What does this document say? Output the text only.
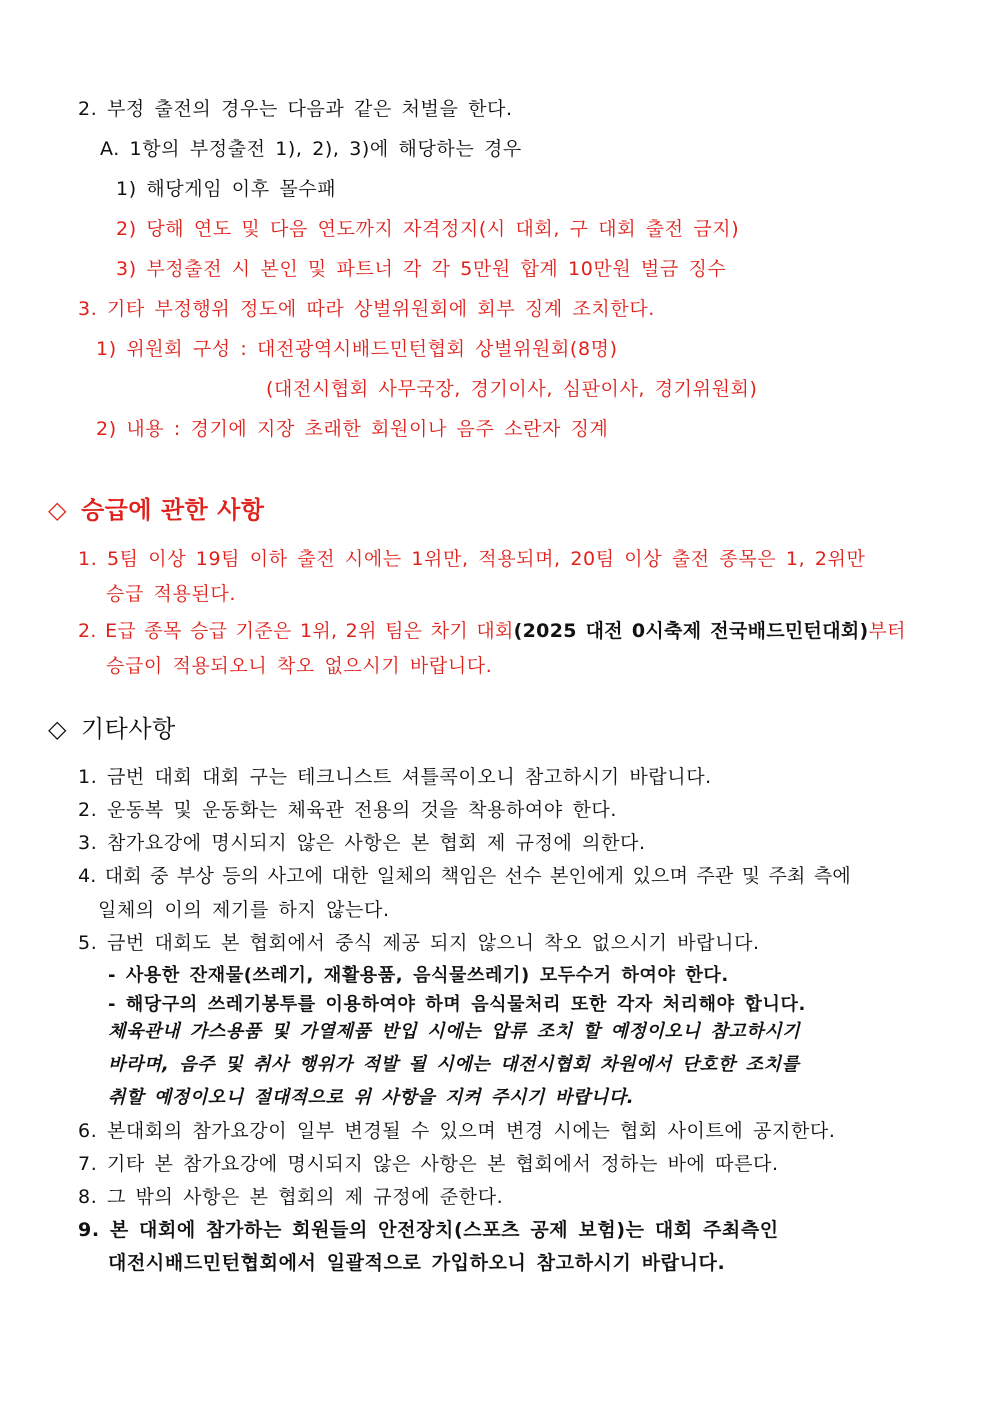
2. 부정 출전의 경우는 다음과 같은 처벌을 한다.
A. 1항의 부정출전 1), 2), 3)에 해당하는 경우
1) 해당게임 이후 몰수패
2) 당해 연도 및 다음 연도까지 자격정지(시 대회, 구 대회 출전 금지)
3) 부정출전 시 본인 및 파트너 각 각 5만원 합계 10만원 벌금 징수
3. 기타 부정행위 정도에 따라 상벌위원회에 회부 징계 조치한다.
1) 위원회 구성 : 대전광역시배드민턴협회 상벌위원회(8명)
(대전시협회 사무국장, 경기이사, 심판이사, 경기위원회)
2) 내용 : 경기에 지장 초래한 회원이나 음주 소란자 징계
◇ 승급에 관한 사항
1. 5팀 이상 19팀 이하 출전 시에는 1위만, 적용되며, 20팀 이상 출전 종목은 1, 2위만
승급 적용된다.
2. E급 종목 승급 기준은 1위, 2위 팀은 차기 대회(2025 대전 0시축제 전국배드민턴대회)부터
승급이 적용되오니 착오 없으시기 바랍니다.
◇ 기타사항
1. 금번 대회 대회 구는 테크니스트 셔틀콕이오니 참고하시기 바랍니다.
2. 운동복 및 운동화는 체육관 전용의 것을 착용하여야 한다.
3. 참가요강에 명시되지 않은 사항은 본 협회 제 규정에 의한다.
4. 대회 중 부상 등의 사고에 대한 일체의 책임은 선수 본인에게 있으며 주관 및 주최 측에
일체의 이의 제기를 하지 않는다.
5. 금번 대회도 본 협회에서 중식 제공 되지 않으니 착오 없으시기 바랍니다.
- 사용한 잔재물(쓰레기, 재활용품, 음식물쓰레기) 모두수거 하여야 한다.
- 해당구의 쓰레기봉투를 이용하여야 하며 음식물처리 또한 각자 처리해야 합니다.
체육관내 가스용품 및 가열제품 반입 시에는 압류 조치 할 예정이오니 참고하시기
바라며, 음주 및 취사 행위가 적발 될 시에는 대전시협회 차원에서 단호한 조치를
취할 예정이오니 절대적으로 위 사항을 지켜 주시기 바랍니다.
6. 본대회의 참가요강이 일부 변경될 수 있으며 변경 시에는 협회 사이트에 공지한다.
7. 기타 본 참가요강에 명시되지 않은 사항은 본 협회에서 정하는 바에 따른다.
8. 그 밖의 사항은 본 협회의 제 규정에 준한다.
9. 본 대회에 참가하는 회원들의 안전장치(스포츠 공제 보험)는 대회 주최측인
대전시배드민턴협회에서 일괄적으로 가입하오니 참고하시기 바랍니다.
